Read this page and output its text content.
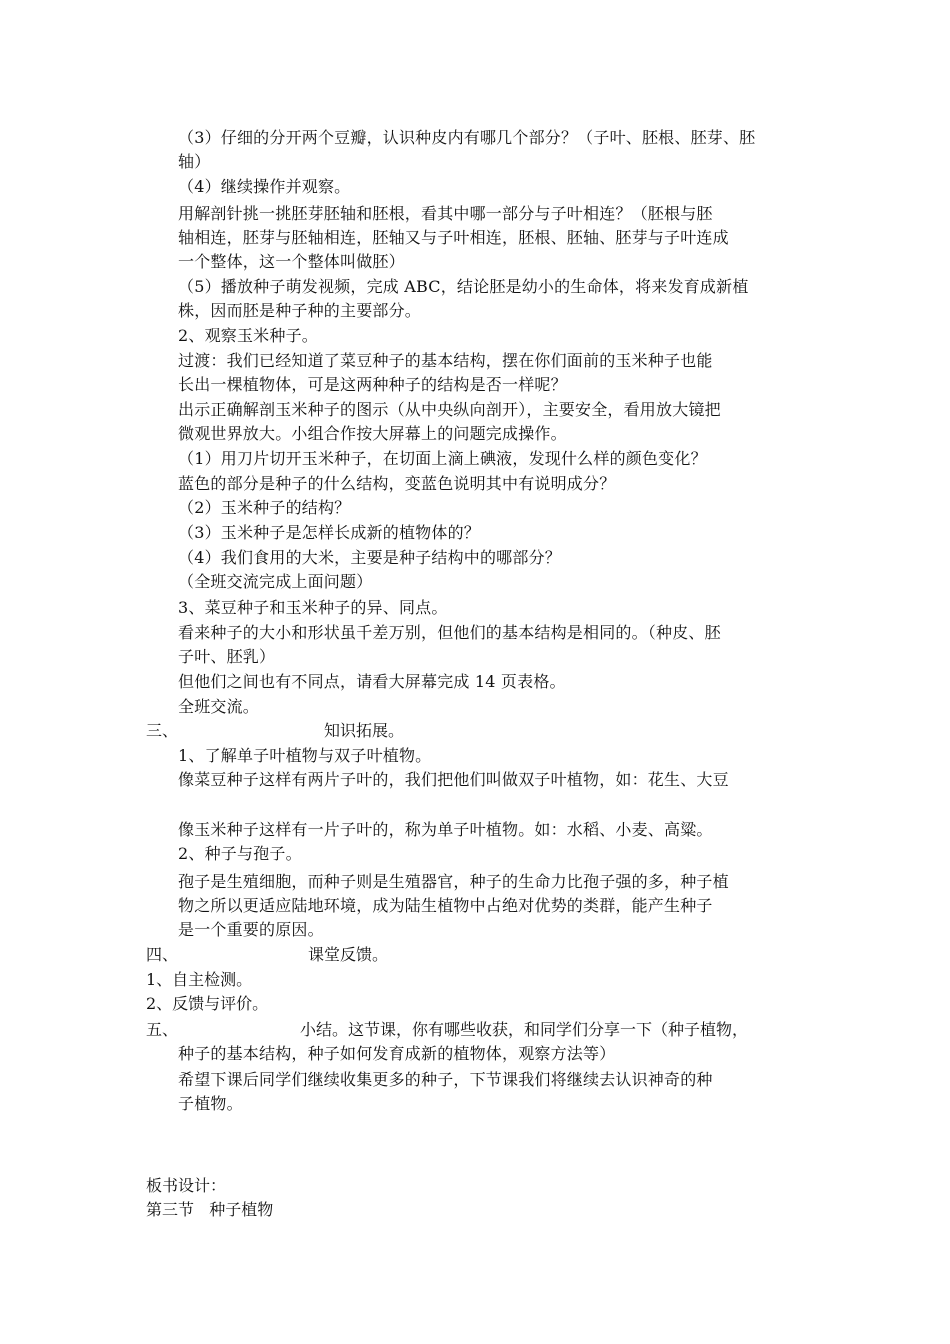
（3）仔细的分开两个豆瓣，认识种皮内有哪几个部分？（子叶、胚根、胚芽、胚
轴）
（4）继续操作并观察。
用解剖针挑一挑胚芽胚轴和胚根，看其中哪一部分与子叶相连？（胚根与胚
轴相连，胚芽与胚轴相连，胚轴又与子叶相连，胚根、胚轴、胚芽与子叶连成
一个整体，这一个整体叫做胚）
（5）播放种子萌发视频，完成 ABC，结论胚是幼小的生命体，将来发育成新植
株，因而胚是种子种的主要部分。
2、观察玉米种子。
过渡：我们已经知道了菜豆种子的基本结构，摆在你们面前的玉米种子也能
长出一棵植物体，可是这两种种子的结构是否一样呢？
出示正确解剖玉米种子的图示（从中央纵向剖开），主要安全，看用放大镜把
微观世界放大。小组合作按大屏幕上的问题完成操作。
（1）用刀片切开玉米种子，在切面上滴上碘液，发现什么样的颜色变化？
蓝色的部分是种子的什么结构，变蓝色说明其中有说明成分？
（2）玉米种子的结构？
（3）玉米种子是怎样长成新的植物体的？
（4）我们食用的大米，主要是种子结构中的哪部分？
（全班交流完成上面问题）
3、菜豆种子和玉米种子的异、同点。
看来种子的大小和形状虽千差万别，但他们的基本结构是相同的。（种皮、胚
子叶、胚乳）
但他们之间也有不同点，请看大屏幕完成 14 页表格。
全班交流。
三、	知识拓展。
1、了解单子叶植物与双子叶植物。
像菜豆种子这样有两片子叶的，我们把他们叫做双子叶植物，如：花生、大豆
像玉米种子这样有一片子叶的，称为单子叶植物。如：水稻、小麦、高粱。
2、种子与孢子。
孢子是生殖细胞，而种子则是生殖器官，种子的生命力比孢子强的多，种子植
物之所以更适应陆地环境，成为陆生植物中占绝对优势的类群，能产生种子
是一个重要的原因。
四、	课堂反馈。
1、自主检测。
2、反馈与评价。
五、	小结。这节课，你有哪些收获，和同学们分享一下（种子植物，
种子的基本结构，种子如何发育成新的植物体，观察方法等）
希望下课后同学们继续收集更多的种子，下节课我们将继续去认识神奇的种
子植物。
板书设计：
第三节   种子植物
